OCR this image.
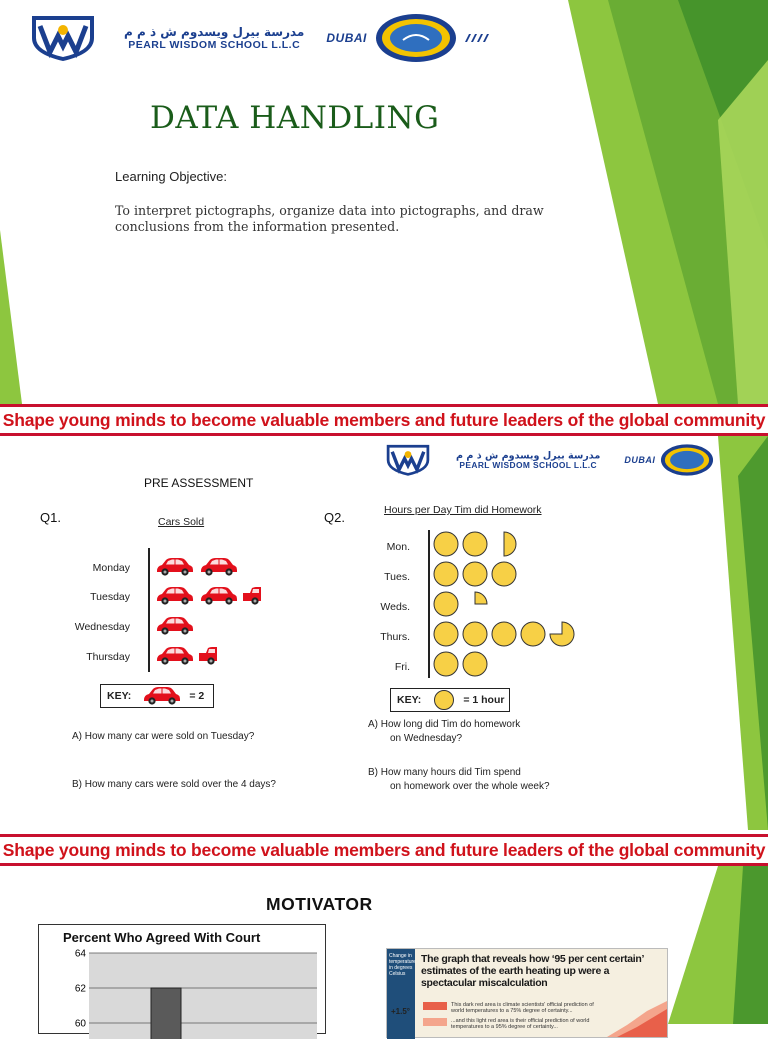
مدرسة بيرل ويسدوم ش ذ م م
PEARL WISDOM SCHOOL L.L.C	DUBAI
DATA HANDLING
Learning Objective:
To interpret pictographs, organize data into pictographs, and draw conclusions from the information presented.
Shape young minds to become valuable members and future leaders of the global community
مدرسة بيرل ويسدوم ش ذ م م
PEARL WISDOM SCHOOL L.L.C
DUBAI
PRE ASSESSMENT
Q1.	Cars Sold
Monday
Tuesday
Wednesday
Thursday
KEY:	= 2
A) How many car were sold on Tuesday?
B) How many cars were sold over the 4 days?
Q2.	Hours per Day Tim did Homework
Mon.
Tues.
Weds.
Thurs.
Fri.
KEY:	= 1 hour
A) How long did Tim do homework
on Wednesday?
B) How many hours did Tim spend
on homework over the whole week?
Shape young minds to become valuable members and future leaders of the global community
MOTIVATOR
Percent Who Agreed With Court
64
62
60
Change in temperature in degrees Celsius
The graph that reveals how ‘95 per cent certain’ estimates of the earth heating up were a spectacular miscalculation
+1.5°
This dark red area is climate scientists' official prediction of world temperatures to a 75% degree of certainty...
...and this light red area is their official prediction of world temperatures to a 95% degree of certainty...
